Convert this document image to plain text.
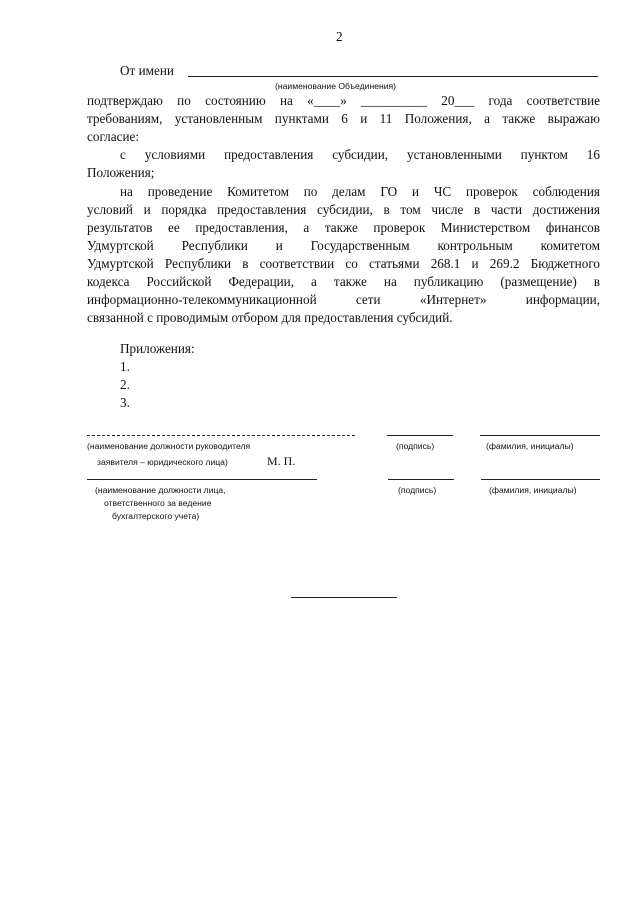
2
От имени
(наименование Объединения)
подтверждаю по состоянию на «____» __________ 20___ года соответствие
требованиям, установленным пунктами 6 и 11 Положения, а также выражаю
согласие:
с условиями предоставления субсидии, установленными пунктом 16
Положения;
на проведение Комитетом по делам ГО и ЧС проверок соблюдения
условий и порядка предоставления субсидии, в том числе в части достижения
результатов ее предоставления, а также проверок Министерством финансов
Удмуртской Республики и Государственным контрольным комитетом
Удмуртской Республики в соответствии со статьями 268.1 и 269.2 Бюджетного
кодекса Российской Федерации, а также на публикацию (размещение) в
информационно-телекоммуникационной сети «Интернет» информации,
связанной с проводимым отбором для предоставления субсидий.
Приложения:
1.
2.
3.
(наименование должности руководителя	(подпись)	(фамилия, инициалы)
заявителя – юридического лица)	М. П.
(наименование должности лица,	(подпись)	(фамилия, инициалы)
ответственного за ведение
бухгалтерского учета)
